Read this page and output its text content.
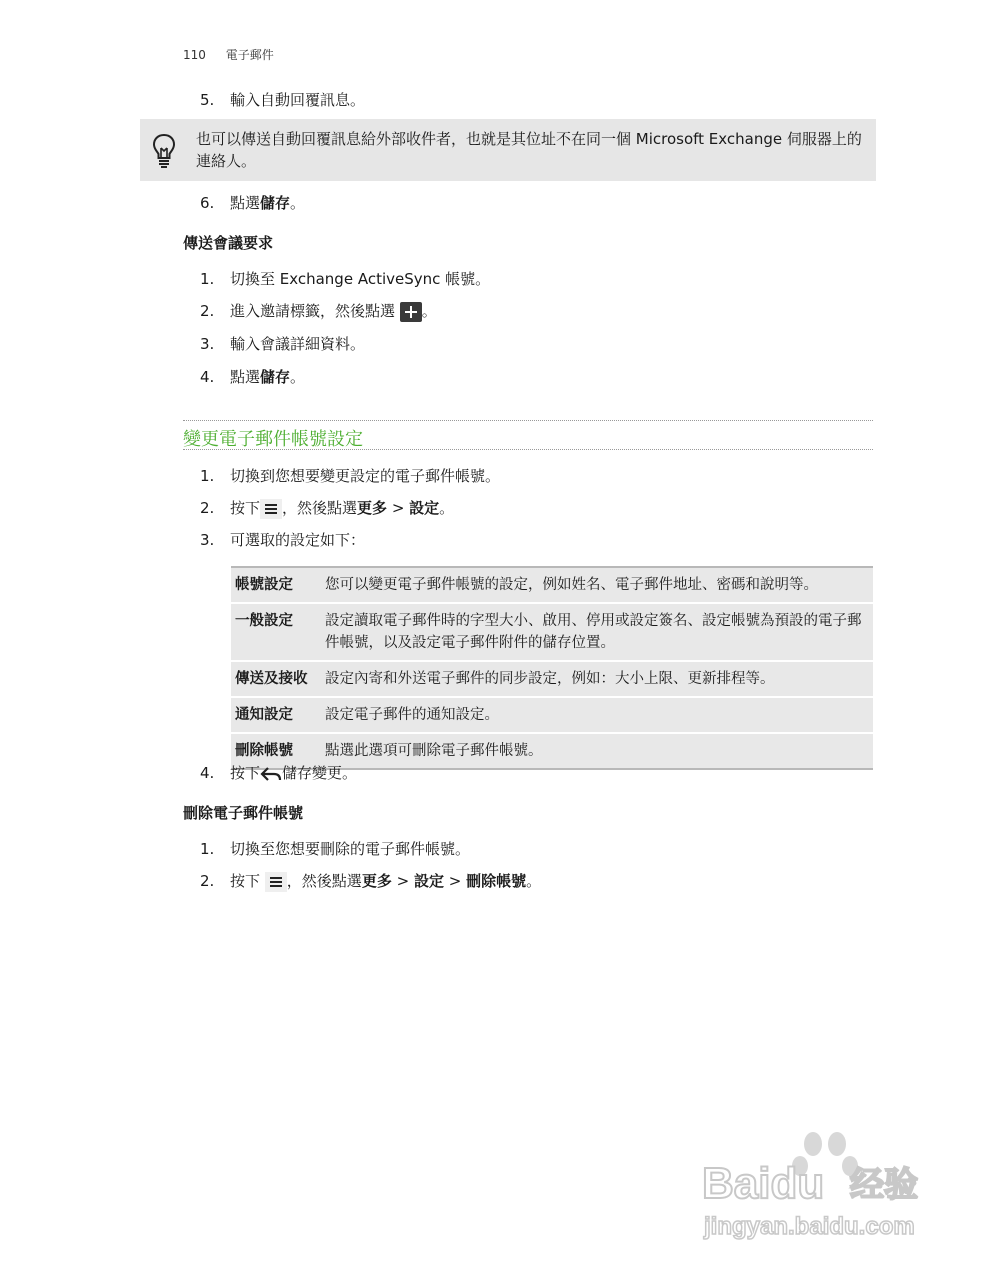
110 電子郵件
5. 輸入自動回覆訊息。
也可以傳送自動回覆訊息給外部收件者，也就是其位址不在同一個 Microsoft Exchange 伺服器上的連絡人。
6. 點選儲存。
傳送會議要求
1. 切換至 Exchange ActiveSync 帳號。
2. 進入邀請標籤，然後點選 。
3. 輸入會議詳細資料。
4. 點選儲存。
變更電子郵件帳號設定
1. 切換到您想要變更設定的電子郵件帳號。
2. 按下 ，然後點選更多 > 設定。
3. 可選取的設定如下：
帳號設定	您可以變更電子郵件帳號的設定，例如姓名、電子郵件地址、密碼和說明等。
一般設定	設定讀取電子郵件時的字型大小、啟用、停用或設定簽名、設定帳號為預設的電子郵件帳號，以及設定電子郵件附件的儲存位置。
傳送及接收	設定內寄和外送電子郵件的同步設定，例如：大小上限、更新排程等。
通知設定	設定電子郵件的通知設定。
刪除帳號	點選此選項可刪除電子郵件帳號。
4. 按下 儲存變更。
刪除電子郵件帳號
1. 切換至您想要刪除的電子郵件帳號。
2. 按下 ，然後點選更多 > 設定 > 刪除帳號。
Baidu 经验
jingyan.baidu.com
